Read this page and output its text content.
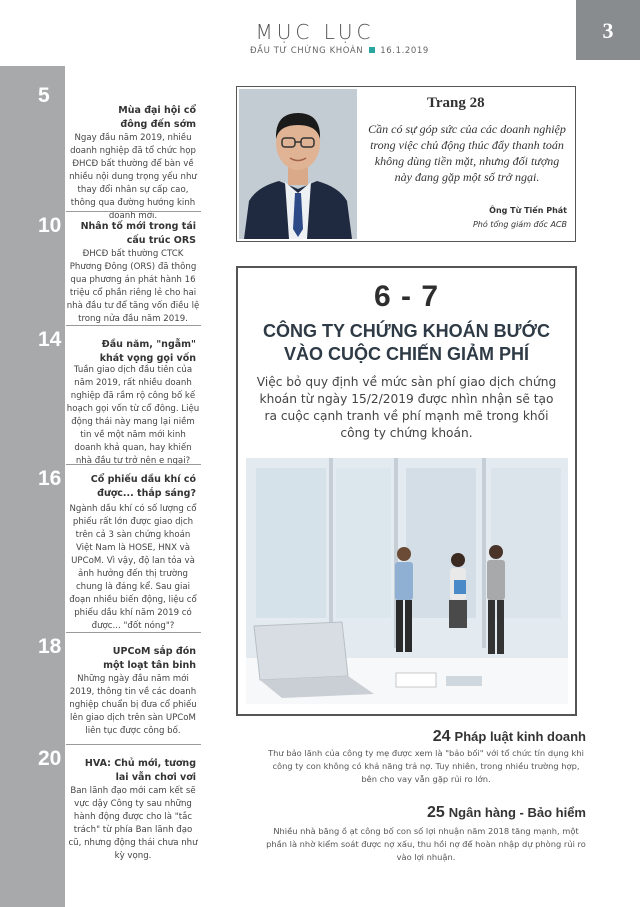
MỤC LỤC
ĐẦU TƯ CHỨNG KHOÁN 16.1.2019
3
5
Mùa đại hội cổ đông đến sớm
Ngay đầu năm 2019, nhiều doanh nghiệp đã tổ chức họp ĐHCĐ bất thường để bàn về nhiều nội dung trọng yếu như thay đổi nhân sự cấp cao, thông qua đường hướng kinh doanh mới.
10	Nhân tố mới trong tái cấu trúc ORS
ĐHCĐ bất thường CTCK Phương Đông (ORS) đã thông qua phương án phát hành 16 triệu cổ phần riêng lẻ cho hai nhà đầu tư để tăng vốn điều lệ trong nửa đầu năm 2019.
14	Đầu năm, "ngẫm" khát vọng gọi vốn
Tuần giao dịch đầu tiên của năm 2019, rất nhiều doanh nghiệp đã rầm rộ công bố kế hoạch gọi vốn từ cổ đông. Liệu động thái này mang lại niềm tin về một năm mới kinh doanh khả quan, hay khiến nhà đầu tư trở nên e ngại?
16	Cổ phiếu dầu khí có được... thắp sáng?
Ngành dầu khí có số lượng cổ phiếu rất lớn được giao dịch trên cả 3 sàn chứng khoán Việt Nam là HOSE, HNX và UPCoM. Vì vậy, độ lan tỏa và ảnh hưởng đến thị trường chung là đáng kể. Sau giai đoạn nhiều biến động, liệu cổ phiếu dầu khí năm 2019 có được... "đốt nóng"?
18	UPCoM sắp đón một loạt tân binh
Những ngày đầu năm mới 2019, thông tin về các doanh nghiệp chuẩn bị đưa cổ phiếu lên giao dịch trên sàn UPCoM liên tục được công bố.
20	HVA: Chủ mới, tương lai vẫn chơi vơi
Ban lãnh đạo mới cam kết sẽ vực dậy Công ty sau những hành động được cho là "tắc trách" từ phía Ban lãnh đạo cũ, nhưng động thái chưa như kỳ vọng.
Trang 28
Cần có sự góp sức của các doanh nghiệp trong việc chủ động thúc đẩy thanh toán không dùng tiền mặt, nhưng đối tượng này đang gặp một số trở ngại.
Ông Từ Tiến Phát
Phó tổng giám đốc ACB
6 - 7
CÔNG TY CHỨNG KHOÁN BƯỚC VÀO CUỘC CHIẾN GIẢM PHÍ
Việc bỏ quy định về mức sàn phí giao dịch chứng khoán từ ngày 15/2/2019 được nhìn nhận sẽ tạo ra cuộc cạnh tranh về phí mạnh mẽ trong khối công ty chứng khoán.
24 Pháp luật kinh doanh
Thư bảo lãnh của công ty mẹ được xem là "bảo bối" với tổ chức tín dụng khi công ty con không có khả năng trả nợ. Tuy nhiên, trong nhiều trường hợp, bên cho vay vẫn gặp rủi ro lớn.
25 Ngân hàng - Bảo hiểm
Nhiều nhà băng ồ ạt công bố con số lợi nhuận năm 2018 tăng mạnh, một phần là nhờ kiểm soát được nợ xấu, thu hồi nợ để hoàn nhập dự phòng rủi ro vào lợi nhuận.
